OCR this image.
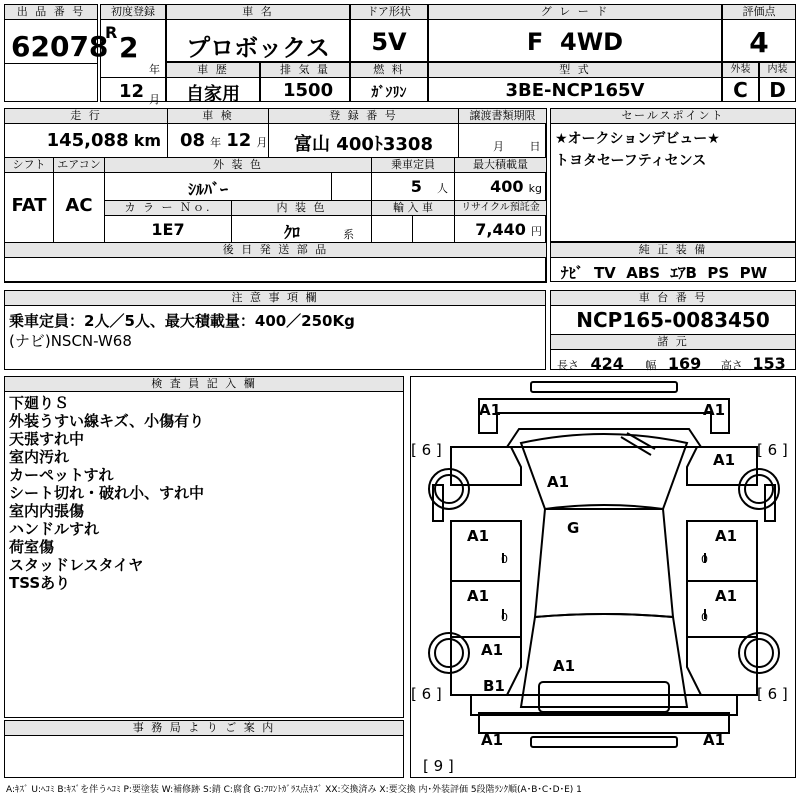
出 品 番 号
62078
初度登録
R 2
年
12 月
車 名
プロボックス
ドア形状
5V
グ レ ー ド
F  4WD
評価点
4
車 歴
自家用
排 気 量
1500
燃 料
ｶﾞｿﾘﾝ
型 式
3BE-NCP165V
外装
C
内装
D
走 行
145,088 km
車 検
08 年 12 月
登 録 番 号
富山 400ﾄ3308
譲渡書類期限
月 日
シフト
FAT
エアコン
AC
外 装 色
ｼﾙﾊﾞｰ
乗車定員
5 人
最大積載量
400 kg
カ ラ ー Ｎｏ.
1E7
内 装 色
ｸﾛ	系
輸 入 車	リサイクル預託金
7,440 円
後 日 発 送 部 品
セールスポイント
★オークションデビュー★
トヨタセーフティセンス
純 正 装 備
ﾅﾋﾞ  TV  ABS  ｴｱB  PS  PW
注 意 事 項 欄
乗車定員：2人／5人、最大積載量：400／250Kg
(ナビ)NSCN-W68
車 台 番 号
NCP165-0083450
諸 元
長さ 424 幅 169 高さ 153
検 査 員 記 入 欄
下廻りＳ
外装うすい線キズ、小傷有り
天張すれ中
室内汚れ
カーペットすれ
シート切れ・破れ小、すれ中
室内内張傷
ハンドルすれ
荷室傷
スタッドレスタイヤ
TSSあり
事 務 局 よ り ご 案 内
A1	A1
A1
A1
G
A1	A1
A1	A1
A1
A1
B1
A1	A1
0
0
0
0
[ 6 ]	[ 6 ]
[ 6 ]	[ 6 ]
[ 9 ]
A:ｷｽﾞ U:ﾍｺﾐ B:ｷｽﾞを伴うﾍｺﾐ P:要塗装 W:補修跡 S:錆 C:腐食 G:ﾌﾛﾝﾄｶﾞﾗｽ点ｷｽﾞ XX:交換済み X:要交換 内･外装評価 5段階ﾗﾝｸ順(A･B･C･D･E) 1
